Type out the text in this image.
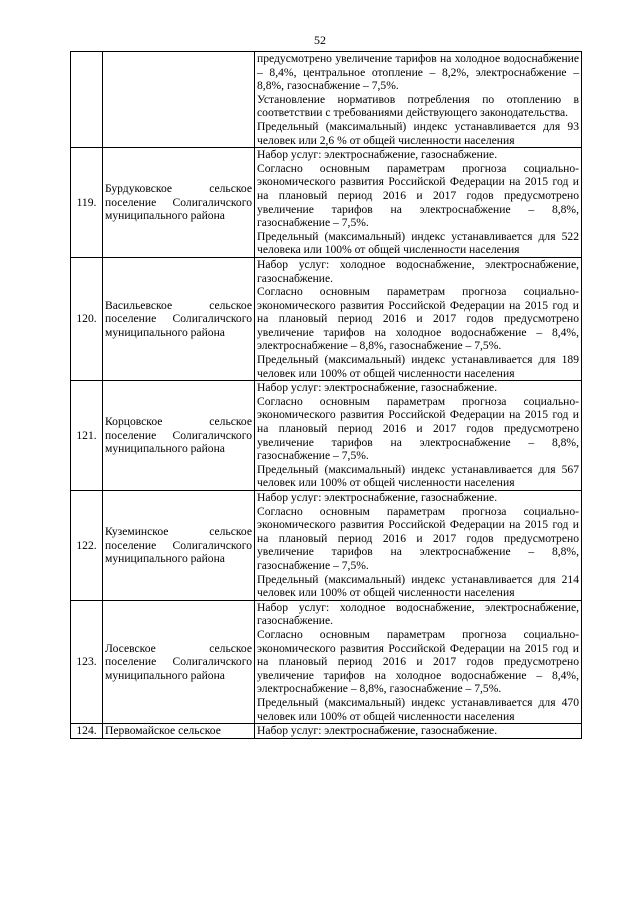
52

		предусмотрено увеличение тарифов на холодное водоснабжение – 8,4%, центральное отопление – 8,2%, электроснабжение – 8,8%, газоснабжение – 7,5%.
Установление нормативов потребления по отоплению в соответствии с требованиями действующего законодательства.
Предельный (максимальный) индекс устанавливается для 93 человек или 2,6 % от общей численности населения

119.	Бурдуковское сельское поселение Солигаличского муниципального района	Набор услуг: электроснабжение, газоснабжение.
Согласно основным параметрам прогноза социально-экономического развития Российской Федерации на 2015 год и на плановый период 2016 и 2017 годов предусмотрено увеличение тарифов на электроснабжение – 8,8%, газоснабжение – 7,5%.
Предельный (максимальный) индекс устанавливается для 522 человека или 100% от общей численности населения

120.	Васильевское сельское поселение Солигаличского муниципального района	Набор услуг: холодное водоснабжение, электроснабжение, газоснабжение.
Согласно основным параметрам прогноза социально-экономического развития Российской Федерации на 2015 год и на плановый период 2016 и 2017 годов предусмотрено увеличение тарифов на холодное водоснабжение – 8,4%, электроснабжение – 8,8%, газоснабжение – 7,5%.
Предельный (максимальный) индекс устанавливается для 189 человек или 100% от общей численности населения

121.	Корцовское сельское поселение Солигаличского муниципального района	Набор услуг: электроснабжение, газоснабжение.
Согласно основным параметрам прогноза социально-экономического развития Российской Федерации на 2015 год и на плановый период 2016 и 2017 годов предусмотрено увеличение тарифов на электроснабжение – 8,8%, газоснабжение – 7,5%.
Предельный (максимальный) индекс устанавливается для 567 человек или 100% от общей численности населения

122.	Куземинское сельское поселение Солигаличского муниципального района	Набор услуг: электроснабжение, газоснабжение.
Согласно основным параметрам прогноза социально-экономического развития Российской Федерации на 2015 год и на плановый период 2016 и 2017 годов предусмотрено увеличение тарифов на электроснабжение – 8,8%, газоснабжение – 7,5%.
Предельный (максимальный) индекс устанавливается для 214 человек или 100% от общей численности населения

123.	Лосевское сельское поселение Солигаличского муниципального района	Набор услуг: холодное водоснабжение, электроснабжение, газоснабжение.
Согласно основным параметрам прогноза социально-экономического развития Российской Федерации на 2015 год и на плановый период 2016 и 2017 годов предусмотрено увеличение тарифов на холодное водоснабжение – 8,4%, электроснабжение – 8,8%, газоснабжение – 7,5%.
Предельный (максимальный) индекс устанавливается для 470 человек или 100% от общей численности населения

124.	Первомайское сельское	Набор услуг: электроснабжение, газоснабжение.
